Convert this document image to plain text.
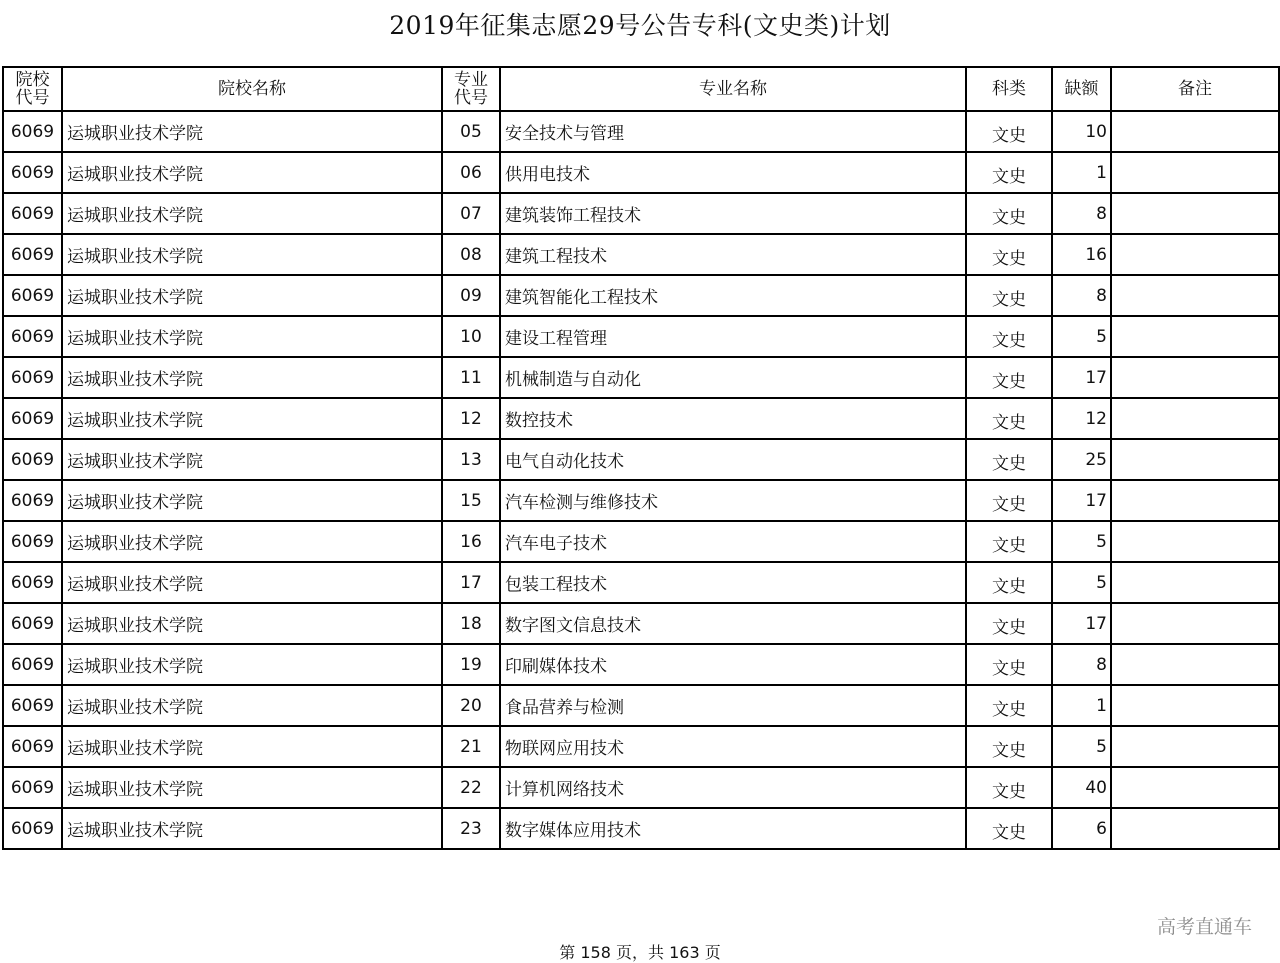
2019年征集志愿29号公告专科(文史类)计划
院校代号	院校名称	专业代号	专业名称	科类	缺额	备注
6069	运城职业技术学院	05	安全技术与管理	文史	10	
6069	运城职业技术学院	06	供用电技术	文史	1	
6069	运城职业技术学院	07	建筑装饰工程技术	文史	8	
6069	运城职业技术学院	08	建筑工程技术	文史	16	
6069	运城职业技术学院	09	建筑智能化工程技术	文史	8	
6069	运城职业技术学院	10	建设工程管理	文史	5	
6069	运城职业技术学院	11	机械制造与自动化	文史	17	
6069	运城职业技术学院	12	数控技术	文史	12	
6069	运城职业技术学院	13	电气自动化技术	文史	25	
6069	运城职业技术学院	15	汽车检测与维修技术	文史	17	
6069	运城职业技术学院	16	汽车电子技术	文史	5	
6069	运城职业技术学院	17	包装工程技术	文史	5	
6069	运城职业技术学院	18	数字图文信息技术	文史	17	
6069	运城职业技术学院	19	印刷媒体技术	文史	8	
6069	运城职业技术学院	20	食品营养与检测	文史	1	
6069	运城职业技术学院	21	物联网应用技术	文史	5	
6069	运城职业技术学院	22	计算机网络技术	文史	40	
6069	运城职业技术学院	23	数字媒体应用技术	文史	6	
高考直通车
第 158 页，共 163 页
